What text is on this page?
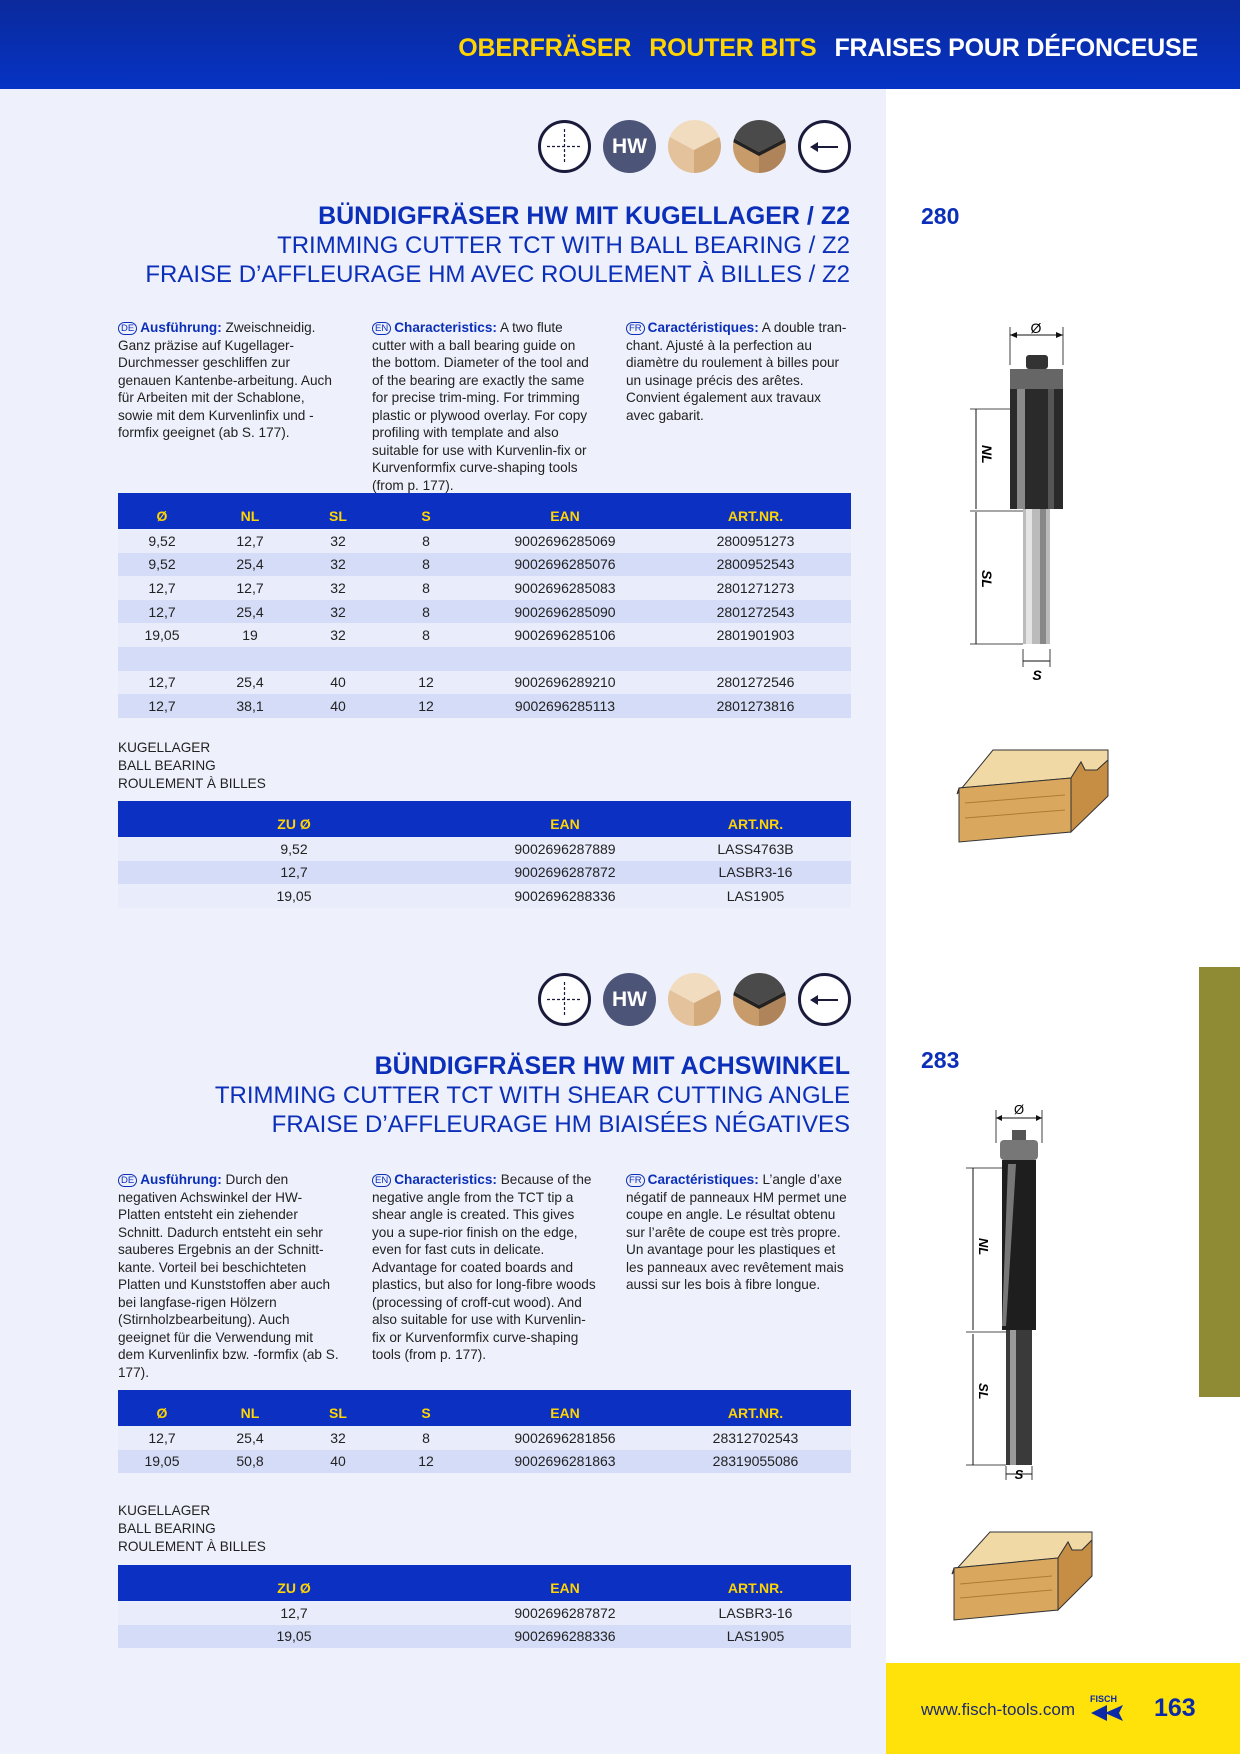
OBERFRÄSER ROUTER BITS FRAISES POUR DÉFONCEUSE
HW
BÜNDIGFRÄSER HW MIT KUGELLAGER / Z2
TRIMMING CUTTER TCT WITH BALL BEARING / Z2
FRAISE D’AFFLEURAGE HM AVEC ROULEMENT À BILLES / Z2
280
DE Ausführung: Zweischneidig. Ganz präzise auf Kugellager-Durchmesser geschliffen zur genauen Kantenbe-arbeitung. Auch für Arbeiten mit der Schablone, sowie mit dem Kurvenlinfix und -formfix geeignet (ab S. 177).
EN Characteristics: A two flute cutter with a ball bearing guide on the bottom. Diameter of the tool and of the bearing are exactly the same for precise trim-ming. For trimming plastic or plywood overlay. For copy profiling with template and also suitable for use with Kurvenlin-fix or Kurvenformfix curve-shaping tools (from p. 177).
FR Caractéristiques: A double tran-chant. Ajusté à la perfection au diamètre du roulement à billes pour un usinage précis des arêtes. Convient également aux travaux avec gabarit.
Ø	NL	SL	S	EAN	ART.NR.
9,52	12,7	32	8	9002696285069	2800951273
9,52	25,4	32	8	9002696285076	2800952543
12,7	12,7	32	8	9002696285083	2801271273
12,7	25,4	32	8	9002696285090	2801272543
19,05	19	32	8	9002696285106	2801901903

12,7	25,4	40	12	9002696289210	2801272546
12,7	38,1	40	12	9002696285113	2801273816
KUGELLAGER
BALL BEARING
ROULEMENT À BILLES
ZU Ø	EAN	ART.NR.
9,52	9002696287889	LASS4763B
12,7	9002696287872	LASBR3-16
19,05	9002696288336	LAS1905
Ø
NL
SL
S
HW
BÜNDIGFRÄSER HW MIT ACHSWINKEL
TRIMMING CUTTER TCT WITH SHEAR CUTTING ANGLE
FRAISE D’AFFLEURAGE HM BIAISÉES NÉGATIVES
283
DE Ausführung: Durch den negativen Achswinkel der HW-Platten entsteht ein ziehender Schnitt. Dadurch entsteht ein sehr sauberes Ergebnis an der Schnitt-kante. Vorteil bei beschichteten Platten und Kunststoffen aber auch bei langfase-rigen Hölzern (Stirnholzbearbeitung). Auch geeignet für die Verwendung mit dem Kurvenlinfix bzw. -formfix (ab S. 177).
EN Characteristics: Because of the negative angle from the TCT tip a shear angle is created. This gives you a supe-rior finish on the edge, even for fast cuts in delicate. Advantage for coated boards and plastics, but also for long-fibre woods (processing of croff-cut wood). And also suitable for use with Kurvenlin-fix or Kurvenformfix curve-shaping tools (from p. 177).
FR Caractéristiques: L’angle d’axe négatif de panneaux HM permet une coupe en angle. Le résultat obtenu sur l’arête de coupe est très propre. Un avantage pour les plastiques et les panneaux avec revêtement mais aussi sur les bois à fibre longue.
Ø	NL	SL	S	EAN	ART.NR.
12,7	25,4	32	8	9002696281856	28312702543
19,05	50,8	40	12	9002696281863	28319055086
KUGELLAGER
BALL BEARING
ROULEMENT À BILLES
ZU Ø	EAN	ART.NR.
12,7	9002696287872	LASBR3-16
19,05	9002696288336	LAS1905
Ø
NL
SL
S
www.fisch-tools.com
FISCH 163
